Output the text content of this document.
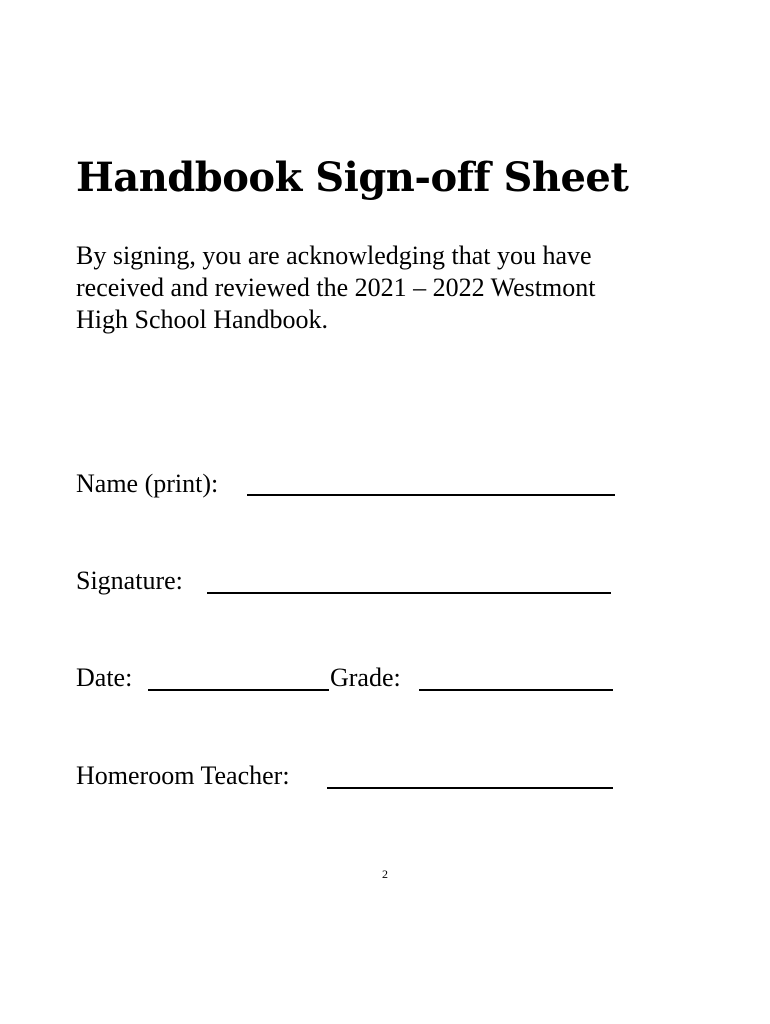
Handbook Sign-off Sheet

By signing, you are acknowledging that you have
received and reviewed the 2021 – 2022 Westmont
High School Handbook.

Name (print):
Signature:
Date:	Grade:
Homeroom Teacher:
2
